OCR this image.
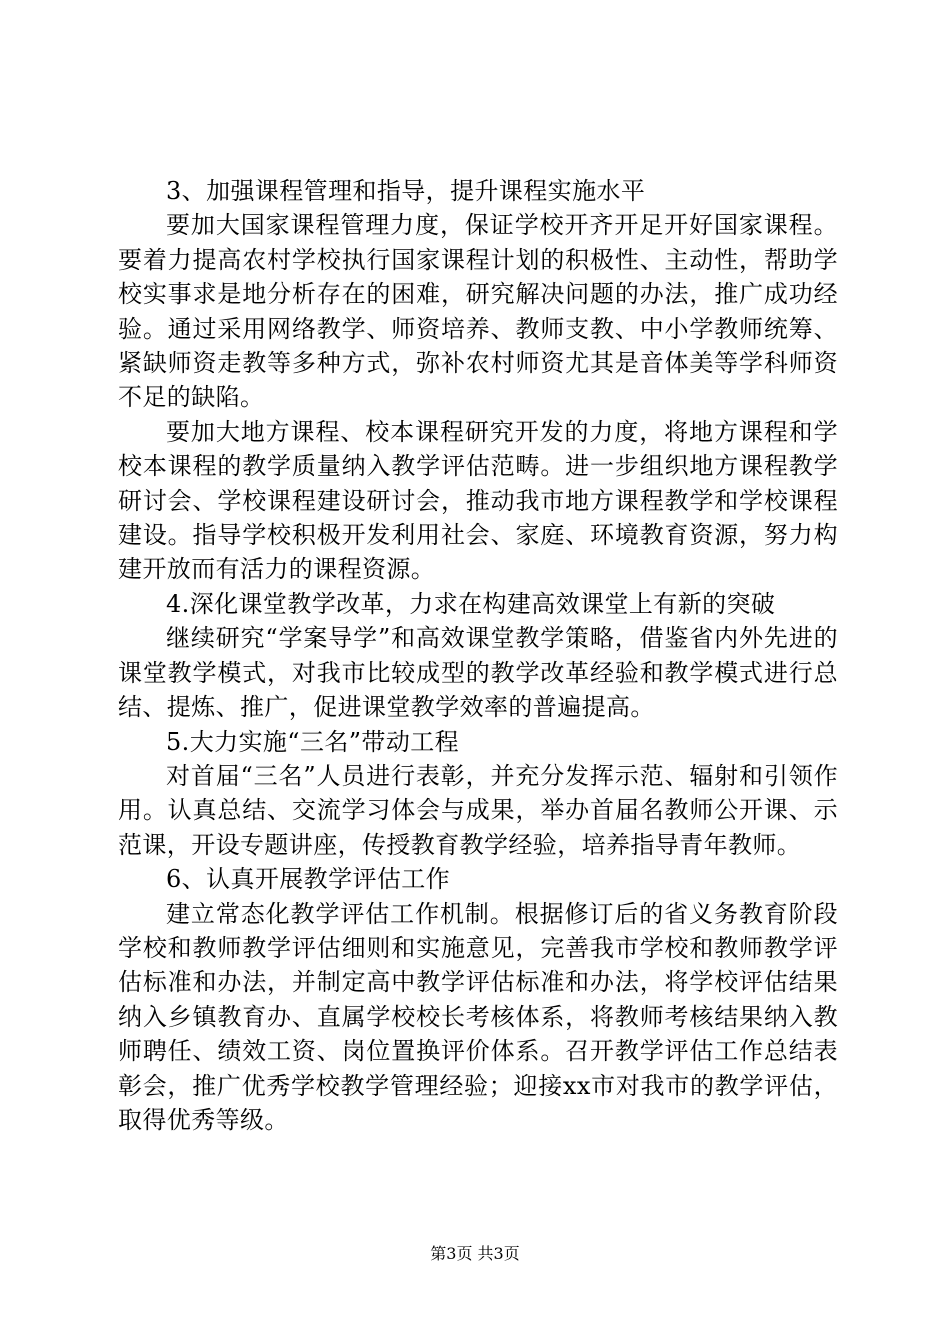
3、加强课程管理和指导，提升课程实施水平

要加大国家课程管理力度，保证学校开齐开足开好国家课程。要着力提高农村学校执行国家课程计划的积极性、主动性，帮助学校实事求是地分析存在的困难，研究解决问题的办法，推广成功经验。通过采用网络教学、师资培养、教师支教、中小学教师统筹、紧缺师资走教等多种方式，弥补农村师资尤其是音体美等学科师资不足的缺陷。

要加大地方课程、校本课程研究开发的力度，将地方课程和学校本课程的教学质量纳入教学评估范畴。进一步组织地方课程教学研讨会、学校课程建设研讨会，推动我市地方课程教学和学校课程建设。指导学校积极开发利用社会、家庭、环境教育资源，努力构建开放而有活力的课程资源。

4.深化课堂教学改革，力求在构建高效课堂上有新的突破

继续研究“学案导学”和高效课堂教学策略，借鉴省内外先进的课堂教学模式，对我市比较成型的教学改革经验和教学模式进行总结、提炼、推广，促进课堂教学效率的普遍提高。

5.大力实施“三名”带动工程

对首届“三名”人员进行表彰，并充分发挥示范、辐射和引领作用。认真总结、交流学习体会与成果，举办首届名教师公开课、示范课，开设专题讲座，传授教育教学经验，培养指导青年教师。

6、认真开展教学评估工作

建立常态化教学评估工作机制。根据修订后的省义务教育阶段学校和教师教学评估细则和实施意见，完善我市学校和教师教学评估标准和办法，并制定高中教学评估标准和办法，将学校评估结果纳入乡镇教育办、直属学校校长考核体系，将教师考核结果纳入教师聘任、绩效工资、岗位置换评价体系。召开教学评估工作总结表彰会，推广优秀学校教学管理经验；迎接xx市对我市的教学评估，取得优秀等级。

第3页 共3页
